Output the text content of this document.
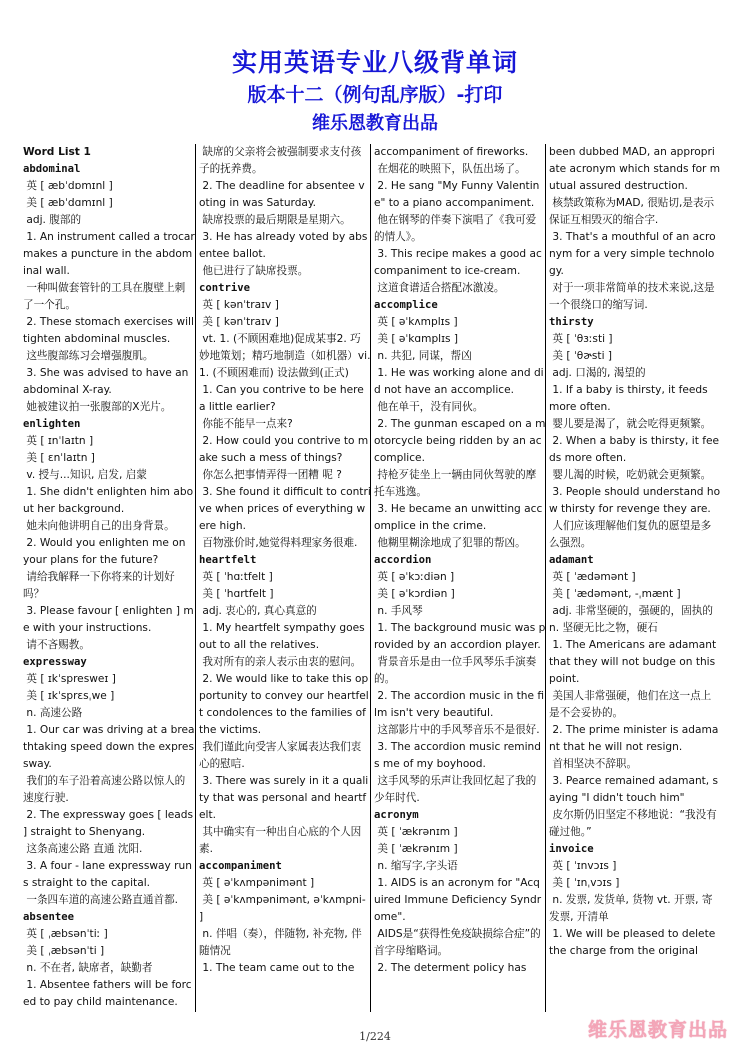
实用英语专业八级背单词
版本十二（例句乱序版）-打印
维乐恩教育出品
Word List 1
abdominal
英 [ æbˈdɒmɪnl ]
美 [ æbˈdɑmɪnl ]
adj. 腹部的
1. An instrument called a trocar makes a puncture in the abdominal wall.
一种叫做套管针的工具在腹壁上刺了一个孔。
2. These stomach exercises will tighten abdominal muscles.
这些腹部练习会增强腹肌。
3. She was advised to have an abdominal X-ray.
她被建议拍一张腹部的X光片。
enlighten
英 [ ɪnˈlaɪtn ]
美 [ ɛnˈlaɪtn ]
v. 授与...知识, 启发, 启蒙
1. She didn't enlighten him about her background.
她未向他讲明自己的出身背景。
2. Would you enlighten me on your plans for the future?
请给我解释一下你将来的计划好吗？
3. Please favour [ enlighten ] me with your instructions.
请不吝赐教。
expressway
英 [ ɪkˈspresweɪ ]
美 [ ɪkˈsprɛsˌwe ]
n. 高速公路
1. Our car was driving at a breathtaking speed down the expressway.
我们的车子沿着高速公路以惊人的速度行驶.
2. The expressway goes [ leads ] straight to Shenyang.
这条高速公路 直通 沈阳.
3. A four - lane expressway runs straight to the capital.
一条四车道的高速公路直通首都.
absentee
英 [ ˌæbsənˈtiː ]
美 [ ˌæbsənˈti ]
n. 不在者, 缺席者，缺勤者
1. Absentee fathers will be forced to pay child maintenance.
缺席的父亲将会被强制要求支付孩子的抚养费。
2. The deadline for absentee voting in was Saturday.
缺席投票的最后期限是星期六。
3. He has already voted by absentee ballot.
他已进行了缺席投票。
contrive
英 [ kənˈtraɪv ]
美 [ kənˈtraɪv ]
vt. 1. (不顾困难地)促成某事2. 巧妙地策划；精巧地制造（如机器）vi. 1. (不顾困难而) 设法做到(正式)
1. Can you contrive to be here a little earlier?
你能不能早一点来?
2. How could you contrive to make such a mess of things?
你怎么把事情弄得一团糟 呢 ?
3. She found it difficult to contrive when prices of everything were high.
百物涨价时,她觉得料理家务很难.
heartfelt
英 [ ˈhɑːtfelt ]
美 [ ˈhɑrtfelt ]
adj. 衷心的, 真心真意的
1. My heartfelt sympathy goes out to all the relatives.
我对所有的亲人表示由衷的慰问。
2. We would like to take this opportunity to convey our heartfelt condolences to the families of the victims.
我们谨此向受害人家属表达我们衷心的慰唁.
3. There was surely in it a quality that was personal and heartfelt.
其中确实有一种出自心底的个人因素.
accompaniment
英 [ əˈkʌmpənimənt ]
美 [ əˈkʌmpənimənt, əˈkʌmpni- ]
n. 伴唱（奏），伴随物, 补充物, 伴随情况
1. The team came out to the
accompaniment of fireworks.
在烟花的映照下，队伍出场了。
2. He sang "My Funny Valentine" to a piano accompaniment.
他在钢琴的伴奏下演唱了《我可爱的情人》。
3. This recipe makes a good accompaniment to ice-cream.
这道食谱适合搭配冰激凌。
accomplice
英 [ əˈkʌmplɪs ]
美 [ əˈkɑmplɪs ]
n. 共犯, 同谋，帮凶
1. He was working alone and did not have an accomplice.
他在单干，没有同伙。
2. The gunman escaped on a motorcycle being ridden by an accomplice.
持枪歹徒坐上一辆由同伙驾驶的摩托车逃逸。
3. He became an unwitting accomplice in the crime.
他糊里糊涂地成了犯罪的帮凶。
accordion
英 [ əˈkɔːdiən ]
美 [ əˈkɔrdiən ]
n. 手风琴
1. The background music was provided by an accordion player.
背景音乐是由一位手风琴乐手演奏的。
2. The accordion music in the film isn't very beautiful.
这部影片中的手风琴音乐不是很好.
3. The accordion music reminds me of my boyhood.
这手风琴的乐声让我回忆起了我的少年时代.
acronym
英 [ ˈækrənɪm ]
美 [ ˈækrənɪm ]
n. 缩写字,字头语
1. AIDS is an acronym for "Acquired Immune Deficiency Syndrome".
AIDS是“获得性免疫缺损综合症”的首字母缩略词。
2. The determent policy has
been dubbed MAD, an appropriate acronym which stands for mutual assured destruction.
核禁政策称为MAD, 很贴切,是表示保证互相毁灭的缩合字.
3. That's a mouthful of an acronym for a very simple technology.
对于一项非常简单的技术来说,这是一个很绕口的缩写词.
thirsty
英 [ ˈθɜːsti ]
美 [ ˈθɚsti ]
adj. 口渴的, 渴望的
1. If a baby is thirsty, it feeds more often.
婴儿要是渴了，就会吃得更频繁。
2. When a baby is thirsty, it feeds more often.
婴儿渴的时候，吃奶就会更频繁。
3. People should understand how thirsty for revenge they are.
人们应该理解他们复仇的愿望是多么强烈。
adamant
英 [ ˈædəmənt ]
美 [ ˈædəmənt, -ˌmænt ]
adj. 非常坚硬的，强硬的，固执的 n. 坚硬无比之物，硬石
1. The Americans are adamant that they will not budge on this point.
美国人非常强硬，他们在这一点上是不会妥协的。
2. The prime minister is adamant that he will not resign.
首相坚决不辞职。
3. Pearce remained adamant, saying "I didn't touch him"
皮尔斯仍旧坚定不移地说：“我没有碰过他。”
invoice
英 [ ˈɪnvɔɪs ]
美 [ ˈɪnˌvɔɪs ]
n. 发票, 发货单, 货物 vt. 开票, 寄发票, 开清单
1. We will be pleased to delete the charge from the original
1/224	维乐恩教育出品
